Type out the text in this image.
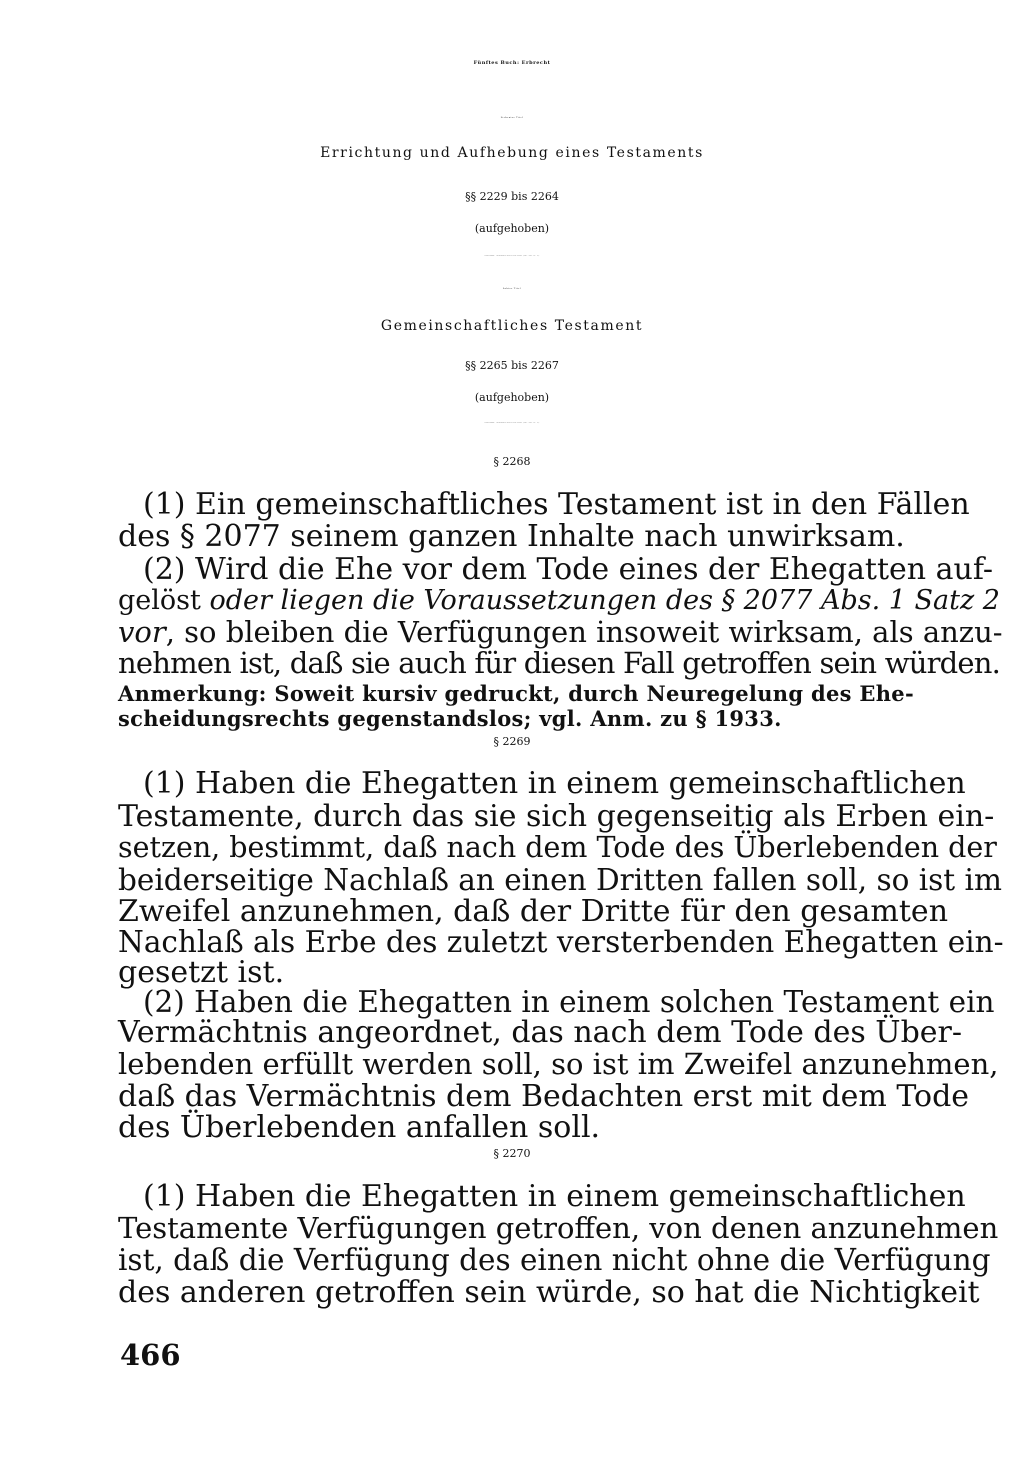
Fünftes Buch: Erbrecht
Siebenter Titel
Errichtung und Aufhebung eines Testaments
§§ 2229 bis 2264
(aufgehoben)
Anmerkung: Aufgehoben durch das TestG (vgl. Anh. Nr. 9).
Achter Titel
Gemeinschaftliches Testament
§§ 2265 bis 2267
(aufgehoben)
Anmerkung: Aufgehoben durch das TestG (vgl. Anh. Nr. 9).
§ 2268
(1) Ein gemeinschaftliches Testament ist in den Fällen
des § 2077 seinem ganzen Inhalte nach unwirksam.
(2) Wird die Ehe vor dem Tode eines der Ehegatten auf-
gelöst oder liegen die Voraussetzungen des § 2077 Abs. 1 Satz 2
vor, so bleiben die Verfügungen insoweit wirksam, als anzu-
nehmen ist, daß sie auch für diesen Fall getroffen sein würden.
Anmerkung: Soweit kursiv gedruckt, durch Neuregelung des Ehe-
scheidungsrechts gegenstandslos; vgl. Anm. zu § 1933.
§ 2269
(1) Haben die Ehegatten in einem gemeinschaftlichen
Testamente, durch das sie sich gegenseitig als Erben ein-
setzen, bestimmt, daß nach dem Tode des Überlebenden der
beiderseitige Nachlaß an einen Dritten fallen soll, so ist im
Zweifel anzunehmen, daß der Dritte für den gesamten
Nachlaß als Erbe des zuletzt versterbenden Ehegatten ein-
gesetzt ist.
(2) Haben die Ehegatten in einem solchen Testament ein
Vermächtnis angeordnet, das nach dem Tode des Über-
lebenden erfüllt werden soll, so ist im Zweifel anzunehmen,
daß das Vermächtnis dem Bedachten erst mit dem Tode
des Überlebenden anfallen soll.
§ 2270
(1) Haben die Ehegatten in einem gemeinschaftlichen
Testamente Verfügungen getroffen, von denen anzunehmen
ist, daß die Verfügung des einen nicht ohne die Verfügung
des anderen getroffen sein würde, so hat die Nichtigkeit
466
